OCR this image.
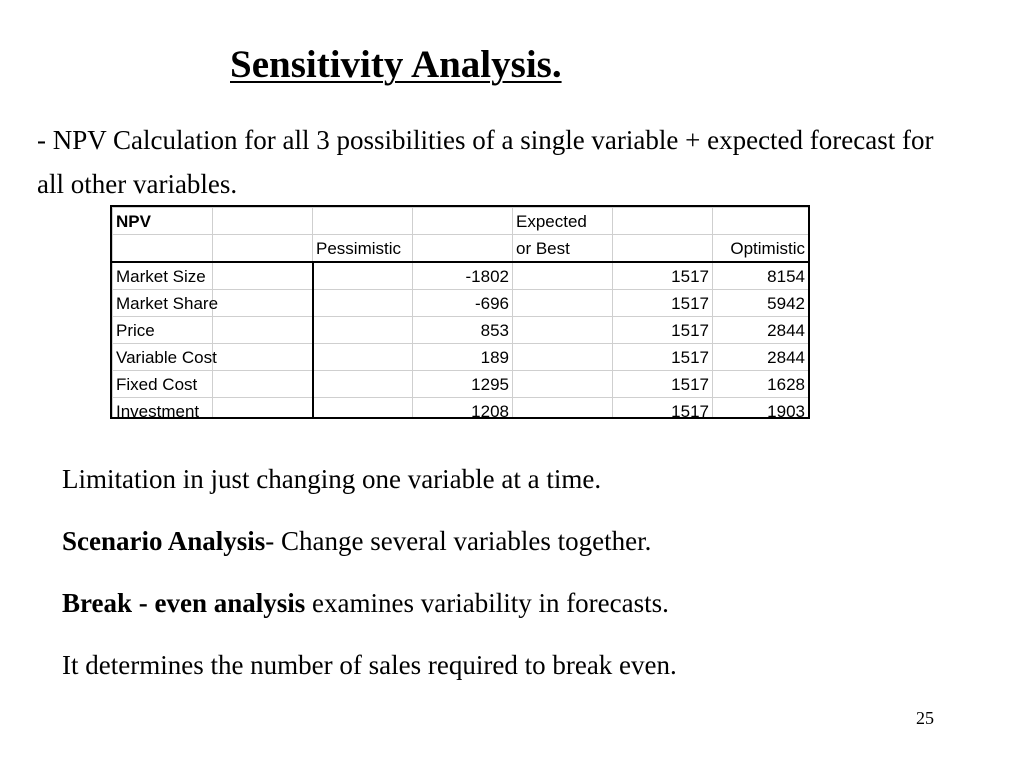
Sensitivity Analysis.

- NPV Calculation for all 3 possibilities of a single variable + expected forecast for all other variables.

NPV				Expected		
		Pessimistic		or Best		Optimistic
Market Size			-1802		1517	8154
Market Share			-696		1517	5942
Price			853		1517	2844
Variable Cost			189		1517	2844
Fixed Cost			1295		1517	1628
Investment			1208		1517	1903
Limitation in just changing one variable at a time.
Scenario Analysis- Change several variables together.
Break - even analysis examines variability in forecasts.
It determines the number of sales required to break even.
25
